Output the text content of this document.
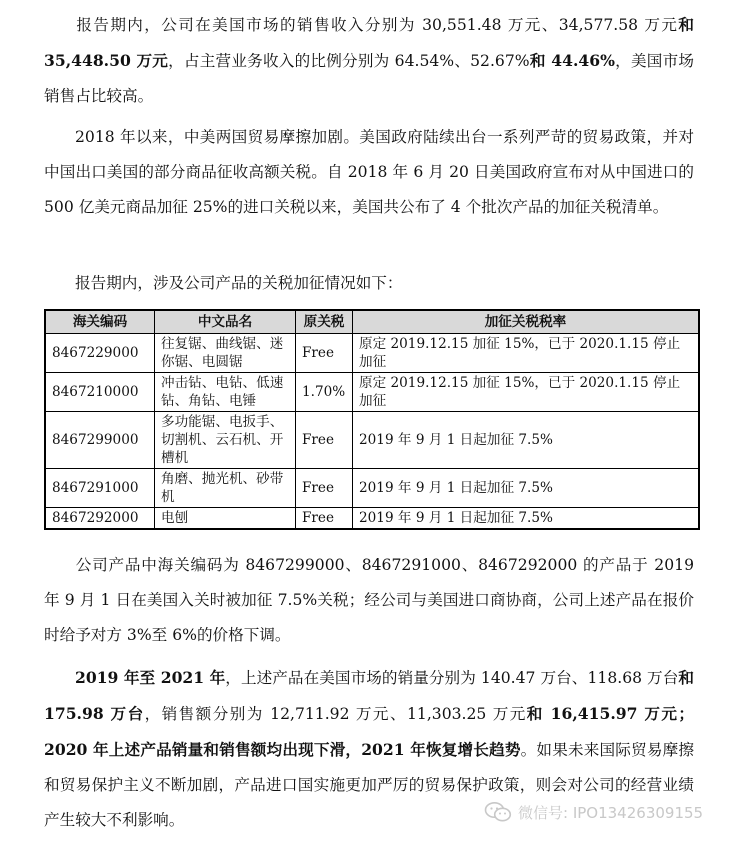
报告期内，公司在美国市场的销售收入分别为 30,551.48 万元、34,577.58 万元和 35,448.50 万元，占主营业务收入的比例分别为 64.54%、52.67%和 44.46%，美国市场销售占比较高。

2018 年以来，中美两国贸易摩擦加剧。美国政府陆续出台一系列严苛的贸易政策，并对中国出口美国的部分商品征收高额关税。自 2018 年 6 月 20 日美国政府宣布对从中国进口的 500 亿美元商品加征 25%的进口关税以来，美国共公布了 4 个批次产品的加征关税清单。

报告期内，涉及公司产品的关税加征情况如下：

海关编码	中文品名	原关税	加征关税税率
8467229000	往复锯、曲线锯、迷你锯、电圆锯	Free	原定 2019.12.15 加征 15%，已于 2020.1.15 停止加征
8467210000	冲击钻、电钻、低速钻、角钻、电锤	1.70%	原定 2019.12.15 加征 15%，已于 2020.1.15 停止加征
8467299000	多功能锯、电扳手、切割机、云石机、开槽机	Free	2019 年 9 月 1 日起加征 7.5%
8467291000	角磨、抛光机、砂带机	Free	2019 年 9 月 1 日起加征 7.5%
8467292000	电刨	Free	2019 年 9 月 1 日起加征 7.5%

公司产品中海关编码为 8467299000、8467291000、8467292000 的产品于 2019 年 9 月 1 日在美国入关时被加征 7.5%关税；经公司与美国进口商协商，公司上述产品在报价时给予对方 3%至 6%的价格下调。

2019 年至 2021 年，上述产品在美国市场的销量分别为 140.47 万台、118.68 万台和 175.98 万台，销售额分别为 12,711.92 万元、11,303.25 万元和 16,415.97 万元；2020 年上述产品销量和销售额均出现下滑，2021 年恢复增长趋势。如果未来国际贸易摩擦和贸易保护主义不断加剧，产品进口国实施更加严厉的贸易保护政策，则会对公司的经营业绩产生较大不利影响。	微信号: IPO13426309155
